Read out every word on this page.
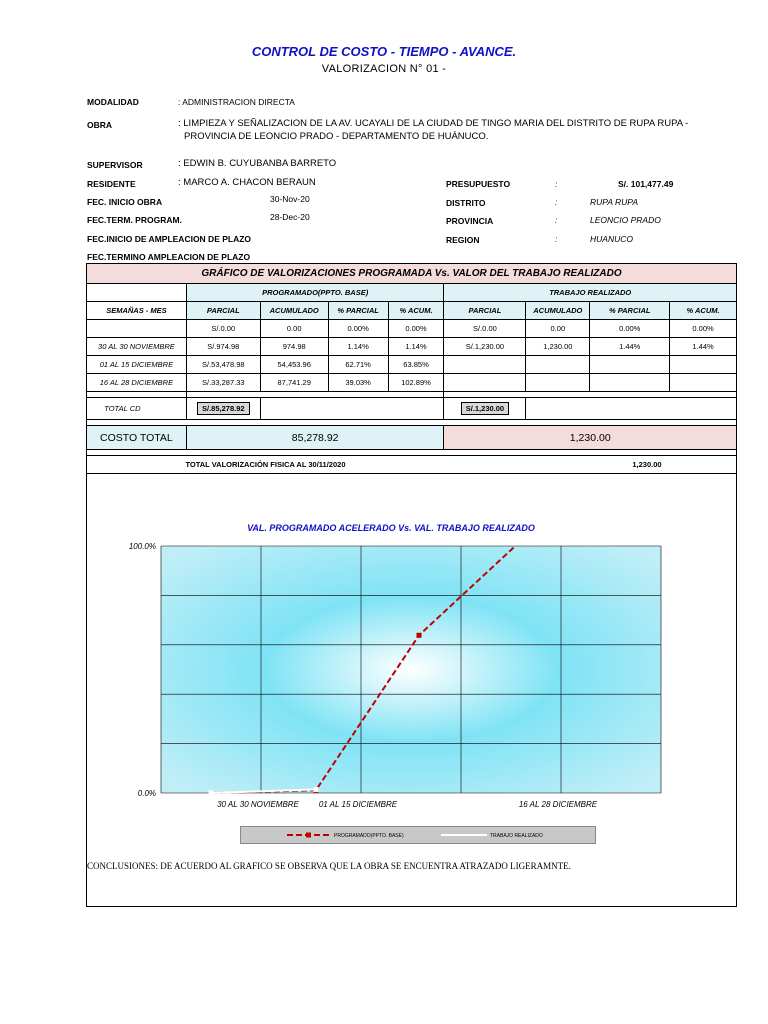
CONTROL DE COSTO - TIEMPO - AVANCE.
VALORIZACION N° 01 -
MODALIDAD	: ADMINISTRACION DIRECTA
OBRA	: LIMPIEZA Y SEÑALIZACION DE LA AV. UCAYALI DE LA CIUDAD DE TINGO MARIA DEL DISTRITO DE RUPA RUPA -
PROVINCIA DE LEONCIO PRADO - DEPARTAMENTO DE HUÁNUCO.
SUPERVISOR	: EDWIN B. CUYUBANBA BARRETO
RESIDENTE	: MARCO A. CHACON BERAUN
FEC. INICIO OBRA	30-Nov-20
FEC.TERM. PROGRAM.	28-Dec-20
FEC.INICIO DE AMPLEACION DE PLAZO
FEC.TERMINO AMPLEACION DE PLAZO
PRESUPUESTO	:	S/. 101,477.49
DISTRITO	:	RUPA RUPA
PROVINCIA	:	LEONCIO PRADO
REGION	:	HUANUCO
GRÁFICO DE VALORIZACIONES PROGRAMADA Vs. VALOR DEL TRABAJO REALIZADO								
	PROGRAMADO(PPTO. BASE)				TRABAJO REALIZADO			
SEMAÑAS - MES	PARCIAL	ACUMULADO	% PARCIAL	% ACUM.	PARCIAL	ACUMULADO	% PARCIAL	% ACUM.
	S/.0.00	0.00	0.00%	0.00%	S/.0.00	0.00	0.00%	0.00%
30 AL 30 NOVIEMBRE	S/.974.98	974.98	1.14%	1.14%	S/.1,230.00	1,230.00	1.44%	1.44%
01 AL 15 DICIEMBRE	S/.53,478.98	54,453.96	62.71%	63.85%				
16 AL 28 DICIEMBRE	S/.33,287.33	87,741.29	39.03%	102.89%				

TOTAL CD	S/.85,278.92				S/.1,230.00			

COSTO TOTAL	85,278.92				1,230.00			

TOTAL VALORIZACIÓN FISICA AL 30/11/2020					1,230.00			
VAL. PROGRAMADO ACELERADO Vs. VAL. TRABAJO REALIZADO
0.0%
100.0%
30 AL 30 NOVIEMBRE 01 AL 15 DICIEMBRE	16 AL 28 DICIEMBRE
PROGRAMADO(PPTO. BASE)	TRABAJO REALIZADO
CONCLUSIONES: DE ACUERDO AL GRAFICO SE OBSERVA QUE LA OBRA SE ENCUENTRA ATRAZADO LIGERAMNTE.
